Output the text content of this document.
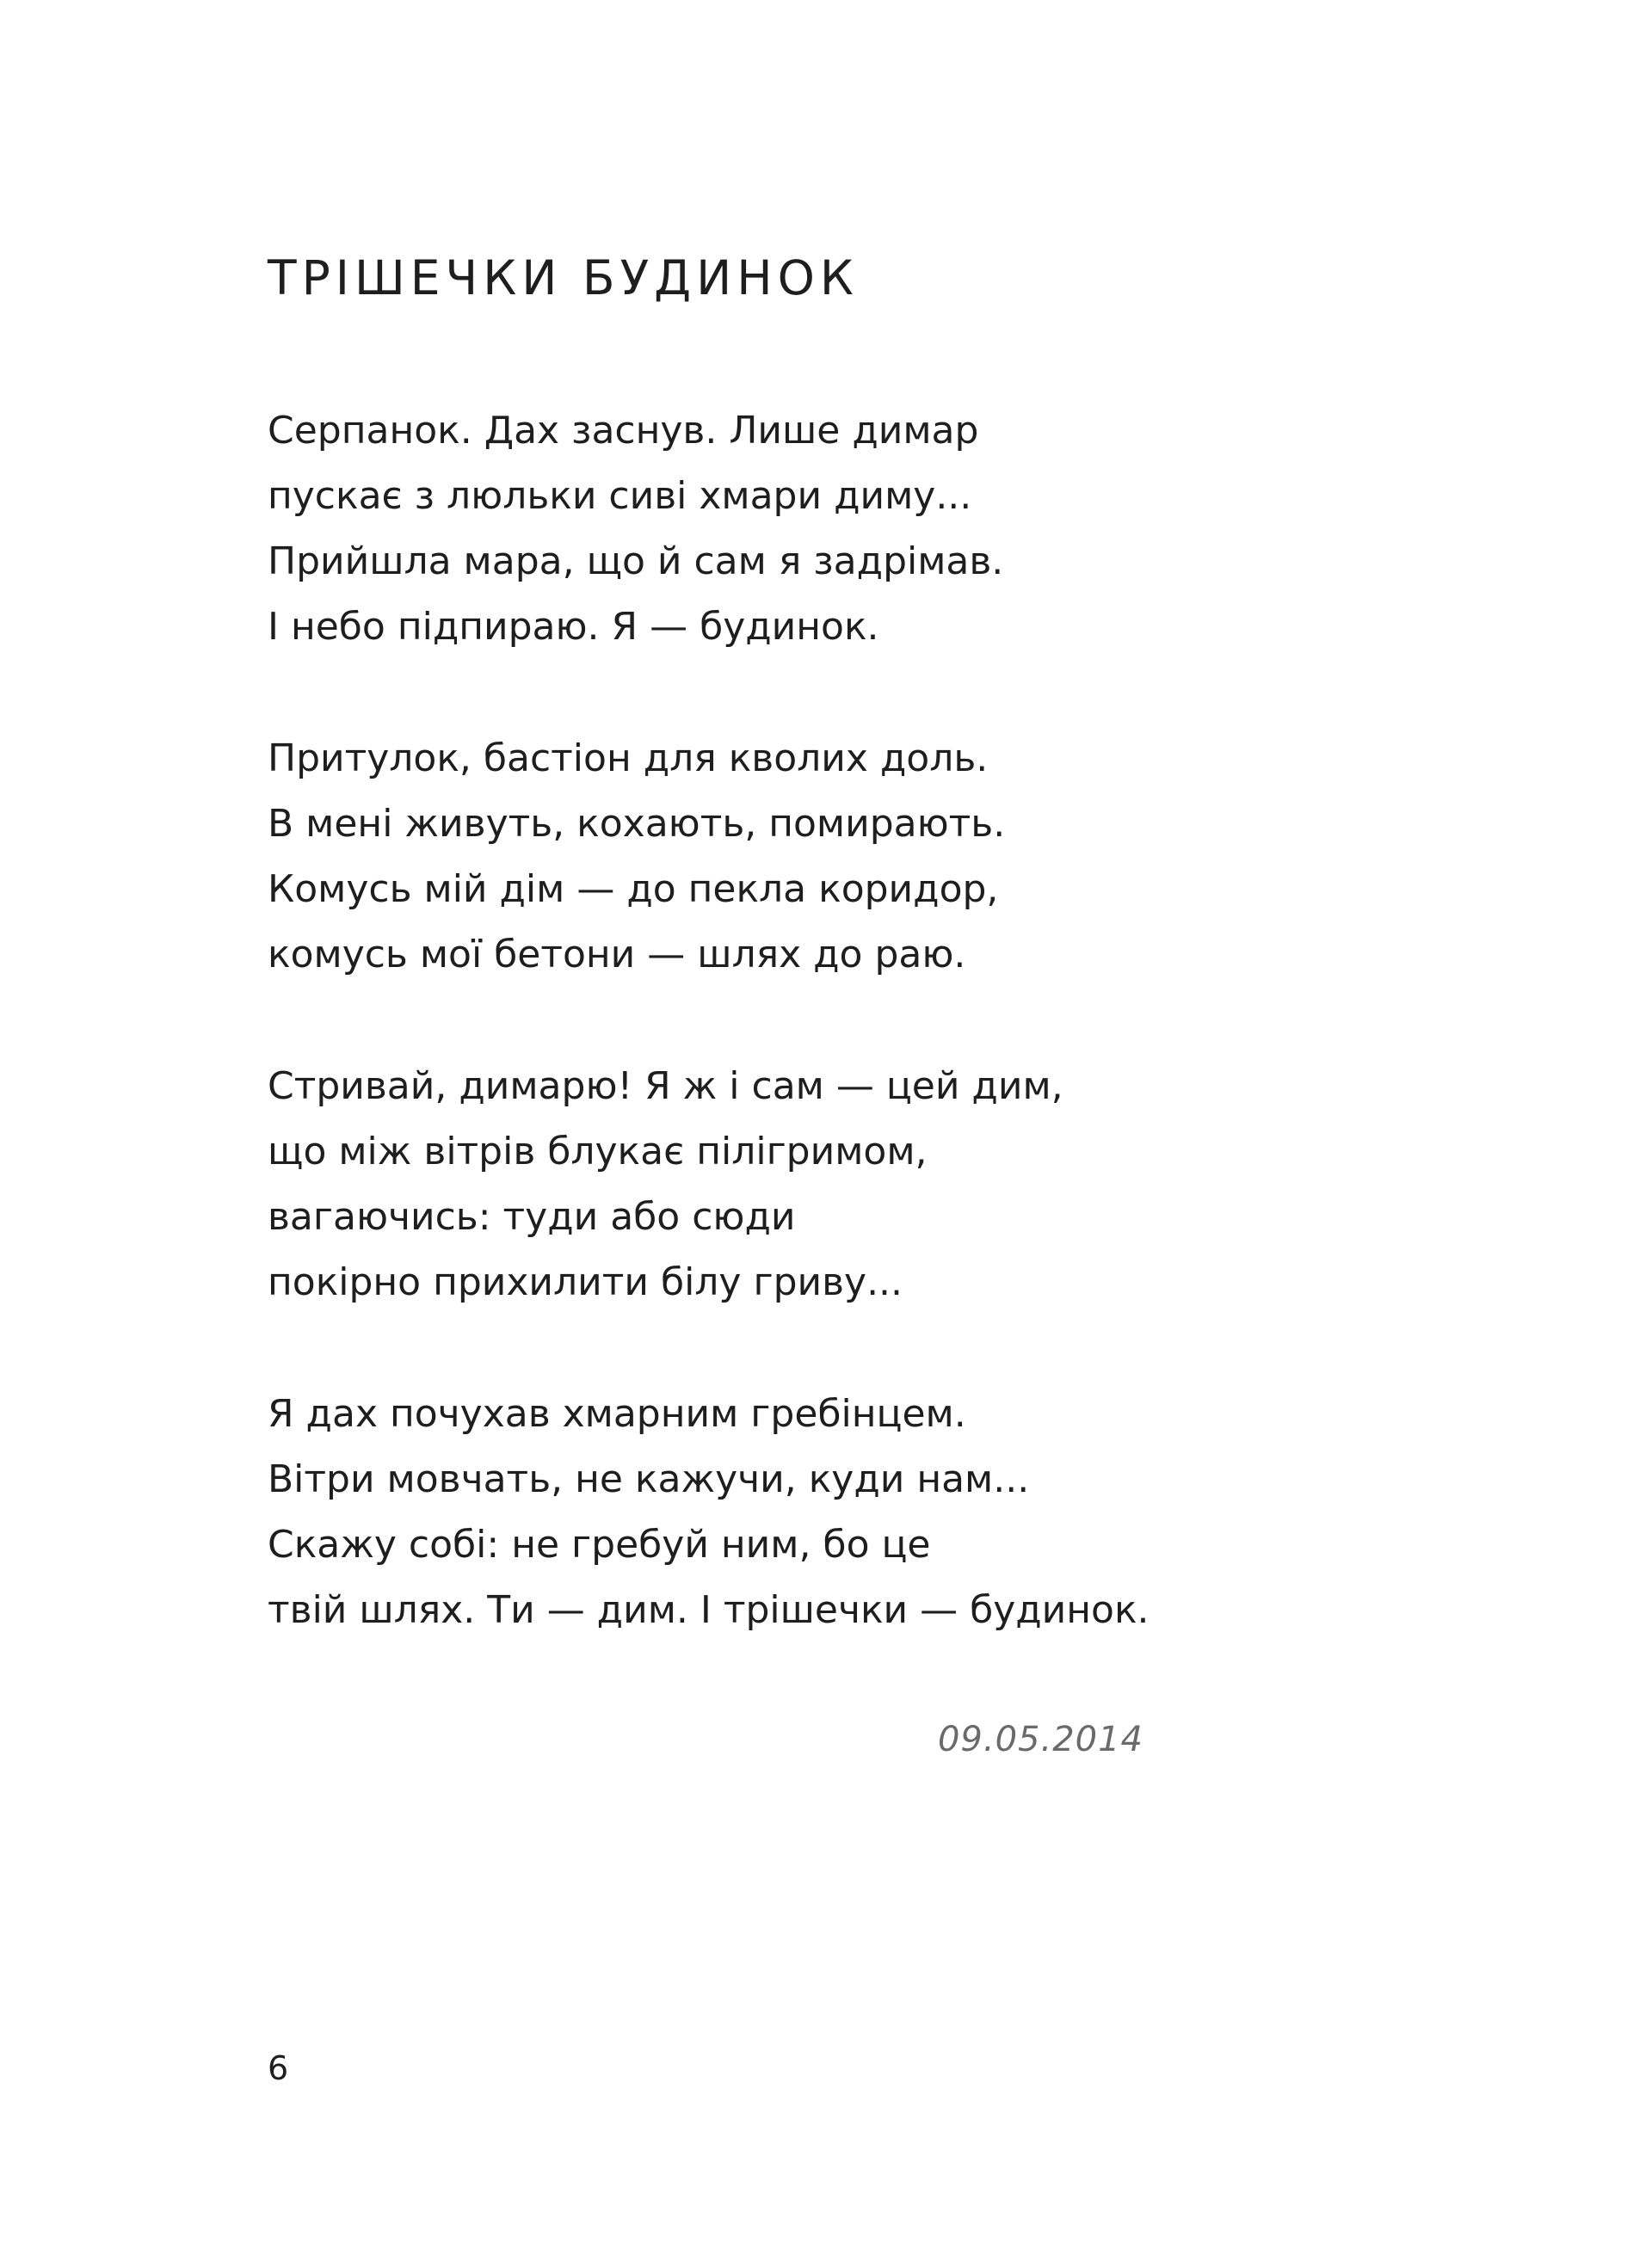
ТРІШЕЧКИ БУДИНОК

Серпанок. Дах заснув. Лише димар
пускає з люльки сиві хмари диму...
Прийшла мара, що й сам я задрімав.
І небо підпираю. Я — будинок.

Притулок, бастіон для кволих доль.
В мені живуть, кохають, помирають.
Комусь мій дім — до пекла коридор,
комусь мої бетони — шлях до раю.

Стривай, димарю! Я ж і сам — цей дим,
що між вітрів блукає пілігримом,
вагаючись: туди або сюди
покірно прихилити білу гриву...

Я дах почухав хмарним гребінцем.
Вітри мовчать, не кажучи, куди нам...
Скажу собі: не гребуй ним, бо це
твій шлях. Ти — дим. І трішечки — будинок.

09.05.2014
6
